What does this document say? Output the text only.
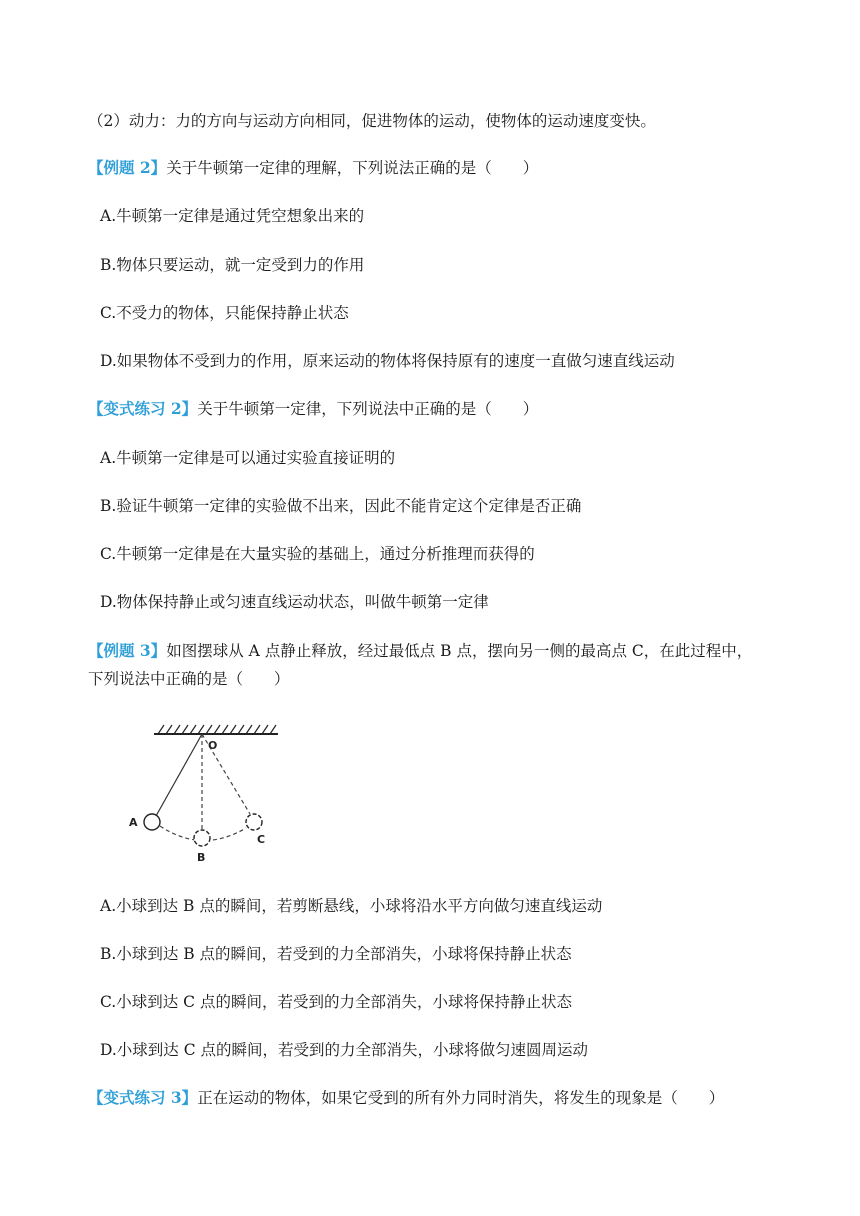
（2）动力：力的方向与运动方向相同，促进物体的运动，使物体的运动速度变快。
【例题 2】关于牛顿第一定律的理解，下列说法正确的是（　　）
A.牛顿第一定律是通过凭空想象出来的
B.物体只要运动，就一定受到力的作用
C.不受力的物体，只能保持静止状态
D.如果物体不受到力的作用，原来运动的物体将保持原有的速度一直做匀速直线运动
【变式练习 2】关于牛顿第一定律，下列说法中正确的是（　　）
A.牛顿第一定律是可以通过实验直接证明的
B.验证牛顿第一定律的实验做不出来，因此不能肯定这个定律是否正确
C.牛顿第一定律是在大量实验的基础上，通过分析推理而获得的
D.物体保持静止或匀速直线运动状态，叫做牛顿第一定律
【例题 3】如图摆球从 A 点静止释放，经过最低点 B 点，摆向另一侧的最高点 C，在此过程中，
下列说法中正确的是（　　）
O
A
B
C
A.小球到达 B 点的瞬间，若剪断悬线，小球将沿水平方向做匀速直线运动
B.小球到达 B 点的瞬间，若受到的力全部消失，小球将保持静止状态
C.小球到达 C 点的瞬间，若受到的力全部消失，小球将保持静止状态
D.小球到达 C 点的瞬间，若受到的力全部消失，小球将做匀速圆周运动
【变式练习 3】正在运动的物体，如果它受到的所有外力同时消失，将发生的现象是（　　）
